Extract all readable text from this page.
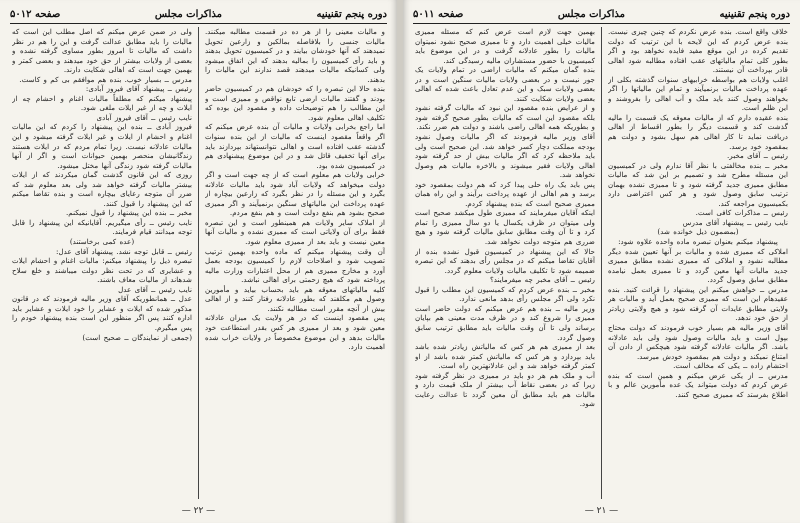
دوره پنجم تقنینیه
مذاکرات مجلس
صفحه ۵۰۱۲

و مالیات معینی را از هر ده در قسمت مطالبه میکنند. مالیات جنسی را بلافاصله بمالکین و زارعین تحویل نمیدهند که آنها خودشان بیایند و در کمیسیون تحویل بدهند و باید رأی کمیسیون را بمالیه بدهند که این اتفاق میشود ولی کسانیکه مالیات میدهند قصد ندارند این مالیات را بدهند.

بنده حالا این تبصره را که خودشان هم در کمیسیون حاضر بودند و گفتند مالیات ارضی تابع نواقص و ممیزی است و این مطالب را هم توضیحات داده و مقصود این بوده که تکلیف اهالی معلوم شود.

اما راجع بخرابی ولایات و مالیات آن بنده عرض میکنم که اگر واقعاً مقصود اینست که مالیات از این بنده سنوات گذشته عقب افتاده است و اهالی نتوانستهاند بپردازند باید برای آنها تخفیف قائل شد و در این موضوع پیشنهادی هم در کمیسیون شده بود.

خرابی ولایات هم معلوم است که از چه جهت است و اگر دولت میخواهد که ولایات آباد شود باید مالیات عادلانه بگیرد و این مسئله را در نظر بگیرد که زارعین بیچاره از عهده پرداخت این مالیاتهای سنگین برنمیآیند و اگر ممیزی صحیح بشود هم بنفع دولت است و هم بنفع مردم.

از املاک سایر ولایات هم همینطور است و این تبصره فقط برای آن ولایاتی است که ممیزی نشده و مالیات آنها معین نیست و باید بعد از ممیزی معلوم شود.

آن وقت پیشنهاد میکنم که ماده واحده بهمین ترتیب تصویب شود و اصلاحات لازم را کمیسیون بودجه بعمل آورد و مخارج ممیزی هم از محل اعتبارات وزارت مالیه پرداخته شود که هیچ زحمتی برای اهالی نباشد.

کلیه مالیاتهای معوقه هم باید بحساب بیاید و مأمورین وصول هم مکلفند که بطور عادلانه رفتار کنند و از اهالی بیش از آنچه مقرر است مطالبه نکنند.

پس مقصود اینست که در هر ولایت یک میزان عادلانه معین شود و بعد از ممیزی هر کس بقدر استطاعت خود مالیات بدهد و این موضوع مخصوصاً در ولایات خراب شده اهمیت دارد.

ولی در ضمن عرض میکنم که اصل مطلب این است که مالیات را باید مطابق عدالت گرفت و این را هم در نظر داشت که مالیات تا امروز بطور مساوی گرفته نشده و بعضی از ولایات بیشتر از حق خود میدهند و بعضی کمتر و بهمین جهت است که اهالی شکایت دارند.

مدرس ــ بسیار خوب. بنده هم موافقم بی کم و کاست.

رئیس ــ پیشنهاد آقای فیروز آبادی:

پیشنهاد میکنم که مطلقاً مالیات اغنام و احشام چه از ایلات و چه از غیر ایلات ملغی شود.

نایب رئیس ــ آقای فیروز آبادی

فیروز آبادی ــ بنده این پیشنهاد را کردم که این مالیات اغنام و احشام از ایلات و غیر ایلات گرفته میشود و این مالیات عادلانه نیست. زیرا تمام مردم که در ایلات هستند زندگانیشان منحصر بهمین حیوانات است و اگر از آنها مالیات گرفته شود زندگی آنها مختل میشود.

روزی که این قانون گذشت گمان میکردند که از ایلات بیشتر مالیات گرفته خواهد شد ولی بعد معلوم شد که ضرر آن متوجه رعایای بیچاره است و بنده تقاضا میکنم که این پیشنهاد را قبول کنند.

مخبر ــ بنده این پیشنهاد را قبول نمیکنم.

نایب رئیس ــ رأی میگیریم. آقایانیکه این پیشنهاد را قابل توجه میدانند قیام فرمایند.

(عده کمی برخاستند)

رئیس ــ قابل توجه نشد. پیشنهاد آقای عدل:

تبصره ذیل را پیشنهاد میکنم: مالیات اغنام و احشام ایلات و عشایری که در تحت نظر دولت میباشند و خلع سلاح شدهاند از مالیات معاف باشند.

نایب رئیس ــ آقای عدل

عدل ــ همانطوریکه آقای وزیر مالیه فرمودند که در قانون مذکور شده که ایلات و عشایر را خود ایلات و عشایر باید اداره کنند پس اگر منظور این است بنده پیشنهاد خودم را پس میگیرم.

(جمعی از نمایندگان ــ صحیح است)

— ۲۲ —
دوره پنجم تقنینیه
مذاکرات مجلس
صفحه ۵۰۱۱

خلاف واقع است. بنده عرض نکردم که چنین چیزی نیست. بنده عرض کردم که این لایحه با این ترتیب که دولت تقدیم کرده در این موقع مفید فایده نخواهد بود و اگر بطور کلی تمام مالیاتهای عقب افتاده مطالبه شود اهالی قادر بپرداخت آن نیستند.

اغلب ولایات هم بواسطه خرابیهای سنوات گذشته بکلی از عهده پرداخت مالیات برنمیآیند و تمام این مالیاتها را اگر بخواهند وصول کنند باید ملک و آب اهالی را بفروشند و این ظلم است.

بنده عقیده دارم که از مالیات معوقه یک قسمت را مالیه گذشت کند و قسمت دیگر را بطور اقساط از اهالی دریافت نماید تا کار اهالی هم سهل بشود و دولت هم بمقصود خود برسد.

رئیس ــ آقای مخبر.

مخبر ــ بنده مخالفتی با نظر آقا ندارم ولی در کمیسیون این مسئله مطرح شد و تصمیم بر این شد که مالیات مطابق ممیزی جدید گرفته شود و تا ممیزی نشده بهمان ترتیب سابق وصول شود و هر کس اعتراضی دارد بکمیسیون مراجعه کند.

رئیس ــ مذاکرات کافی است.

نایب رئیس ــ پیشنهاد آقای مدرس

(بمضمون ذیل خوانده شد)

پیشنهاد میکنم بعنوان تبصره ماده واحده علاوه شود:

املاکی که ممیزی شده و مالیات بر آنها تعیین شده دیگر مطالبه نشود و املاکی که ممیزی نشده مطابق ممیزی جدید مالیات آنها معین گردد و تا ممیزی بعمل نیامده مطابق سابق وصول گردد.

مدرس ــ خواهش میکنم این پیشنهاد را قرائت کنید. بنده عقیدهام این است که ممیزی صحیح بعمل آید و مالیات هر ولایتی مطابق عایدات آن گرفته شود و هیچ ولایتی زیادتر از حق خود ندهد.

آقای وزیر مالیه هم بسیار خوب فرمودند که دولت محتاج بپول است و باید مالیات وصول شود ولی باید عادلانه باشد. اگر مالیات عادلانه گرفته شود هیچکس از دادن آن امتناع نمیکند و دولت هم بمقصود خودش میرسد.

احتشام زاده ــ یکی که مخالف است.

مدرس ــ از یکی عرض میکنم و همین است که بنده عرض کردم که دولت میتواند یک عده مأمورین عالم و با اطلاع بفرستد که ممیزی صحیح کنند.

بهمین جهت لازم است عرض کنم که مسئله ممیزی مالیات خیلی اهمیت دارد و تا ممیزی صحیح نشود نمیتوان مالیات را بطور عادلانه گرفت و در این موضوع باید کمیسیون با حضور مستشاران مالیه رسیدگی کند.

بنده گمان میکنم که مالیات اراضی در تمام ولایات یک جور نیست و در بعضی ولایات مالیات سنگین است و در بعضی ولایات سبک و این عدم تعادل باعث شده که اهالی بعضی ولایات شکایت کنند.

و از عرایض بنده مقصود این نبود که مالیات گرفته نشود بلکه مقصود این است که مالیات بطور صحیح گرفته شود و بطوریکه همه اهالی راضی باشند و دولت هم ضرر نکند.

آقای وزیر مالیه فرمودند که اگر مالیات وصول نشود بودجه مملکت دچار کسر خواهد شد. این صحیح است ولی باید ملاحظه کرد که اگر مالیات بیش از حد گرفته شود اهالی ولایات فقیر میشوند و بالاخره مالیات هم وصول نخواهد شد.

پس باید یک راه حلی پیدا کرد که هم دولت بمقصود خود برسد و هم اهالی از عهده پرداخت برآیند و این راه همان ممیزی صحیح است که بنده پیشنهاد کردم.

اینکه آقایان میفرمایند که ممیزی طول میکشد صحیح است ولی میتوان در ظرف یکسال یا دو سال ممیزی را تمام کرد و تا آن وقت مطابق سابق مالیات گرفته شود و هیچ ضرری هم متوجه دولت نخواهد شد.

حالا که این پیشنهاد در کمیسیون قبول نشده بنده از آقایان تقاضا میکنم که در مجلس رأی بدهند که این تبصره ضمیمه شود تا تکلیف مالیات ولایات معلوم گردد.

رئیس ــ آقای مخبر چه میفرمایند؟

مخبر ــ بنده عرض کردم که کمیسیون این مطلب را قبول نکرد ولی اگر مجلس رأی بدهد مانعی ندارد.

وزیر مالیه ــ بنده هم عرض میکنم که دولت حاضر است ممیزی را شروع کند و در ظرف مدت معینی هم بپایان برساند ولی تا آن وقت مالیات باید مطابق ترتیب سابق وصول گردد.

بعد از ممیزی هم هر کس که مالیاتش زیادتر شده باشد باید بپردازد و هر کس که مالیاتش کمتر شده باشد از او کمتر گرفته خواهد شد و این عادلانهترین راه است.

آب و ملک هم هر دو باید در ممیزی در نظر گرفته شود زیرا که در بعضی نقاط آب بیشتر از ملک قیمت دارد و مالیات هم باید مطابق آن معین گردد تا عدالت رعایت شود.

— ۲۱ —
